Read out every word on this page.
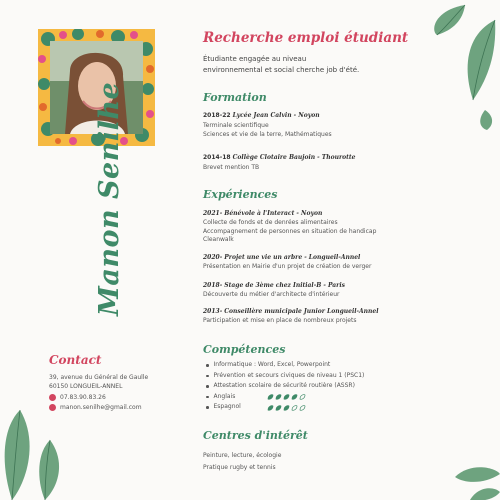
Manon Senilhe
Contact
39, avenue du Général de Gaulle
60150 LONGUEIL-ANNEL
07.83.90.83.26
manon.senilhe@gmail.com
Recherche emploi étudiant
Étudiante engagée au niveau
environnemental et social cherche job d'été.
Formation
2018-22 Lycée Jean Calvin - Noyon
Terminale scientifique
Sciences et vie de la terre, Mathématiques
2014-18 Collège Clotaire Baujoin - Thourotte
Brevet mention TB
Expériences
2021- Bénévole à l'Interact - Noyon
Collecte de fonds et de denrées alimentaires
Accompagnement de personnes en situation de handicap
Cleanwalk
2020- Projet une vie un arbre - Longueil-Annel
Présentation en Mairie d'un projet de création de verger
2018- Stage de 3ème chez Initial-B - Paris
Découverte du métier d'architecte d'intérieur
2013- Conseillère municipale Junior Longueil-Annel
Participation et mise en place de nombreux projets
Compétences
Informatique : Word, Excel, Powerpoint
Prévention et secours civiques de niveau 1 (PSC1)
Attestation scolaire de sécurité routière (ASSR)
Anglais
Espagnol
Centres d'intérêt
Peinture, lecture, écologie
Pratique rugby et tennis
